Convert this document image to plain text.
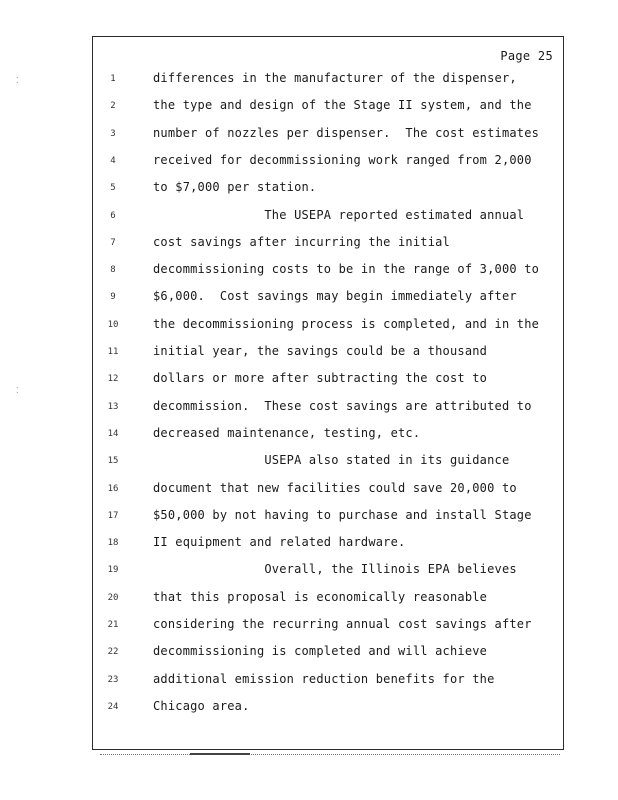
Page 25
1	differences in the manufacturer of the dispenser,
2	the type and design of the Stage II system, and the
3	number of nozzles per dispenser.  The cost estimates
4	received for decommissioning work ranged from 2,000
5	to $7,000 per station.
6	The USEPA reported estimated annual
7	cost savings after incurring the initial
8	decommissioning costs to be in the range of 3,000 to
9	$6,000.  Cost savings may begin immediately after
10	the decommissioning process is completed, and in the
11	initial year, the savings could be a thousand
12	dollars or more after subtracting the cost to
13	decommission.  These cost savings are attributed to
14	decreased maintenance, testing, etc.
15	USEPA also stated in its guidance
16	document that new facilities could save 20,000 to
17	$50,000 by not having to purchase and install Stage
18	II equipment and related hardware.
19	Overall, the Illinois EPA believes
20	that this proposal is economically reasonable
21	considering the recurring annual cost savings after
22	decommissioning is completed and will achieve
23	additional emission reduction benefits for the
24	Chicago area.
⁚
⁚
